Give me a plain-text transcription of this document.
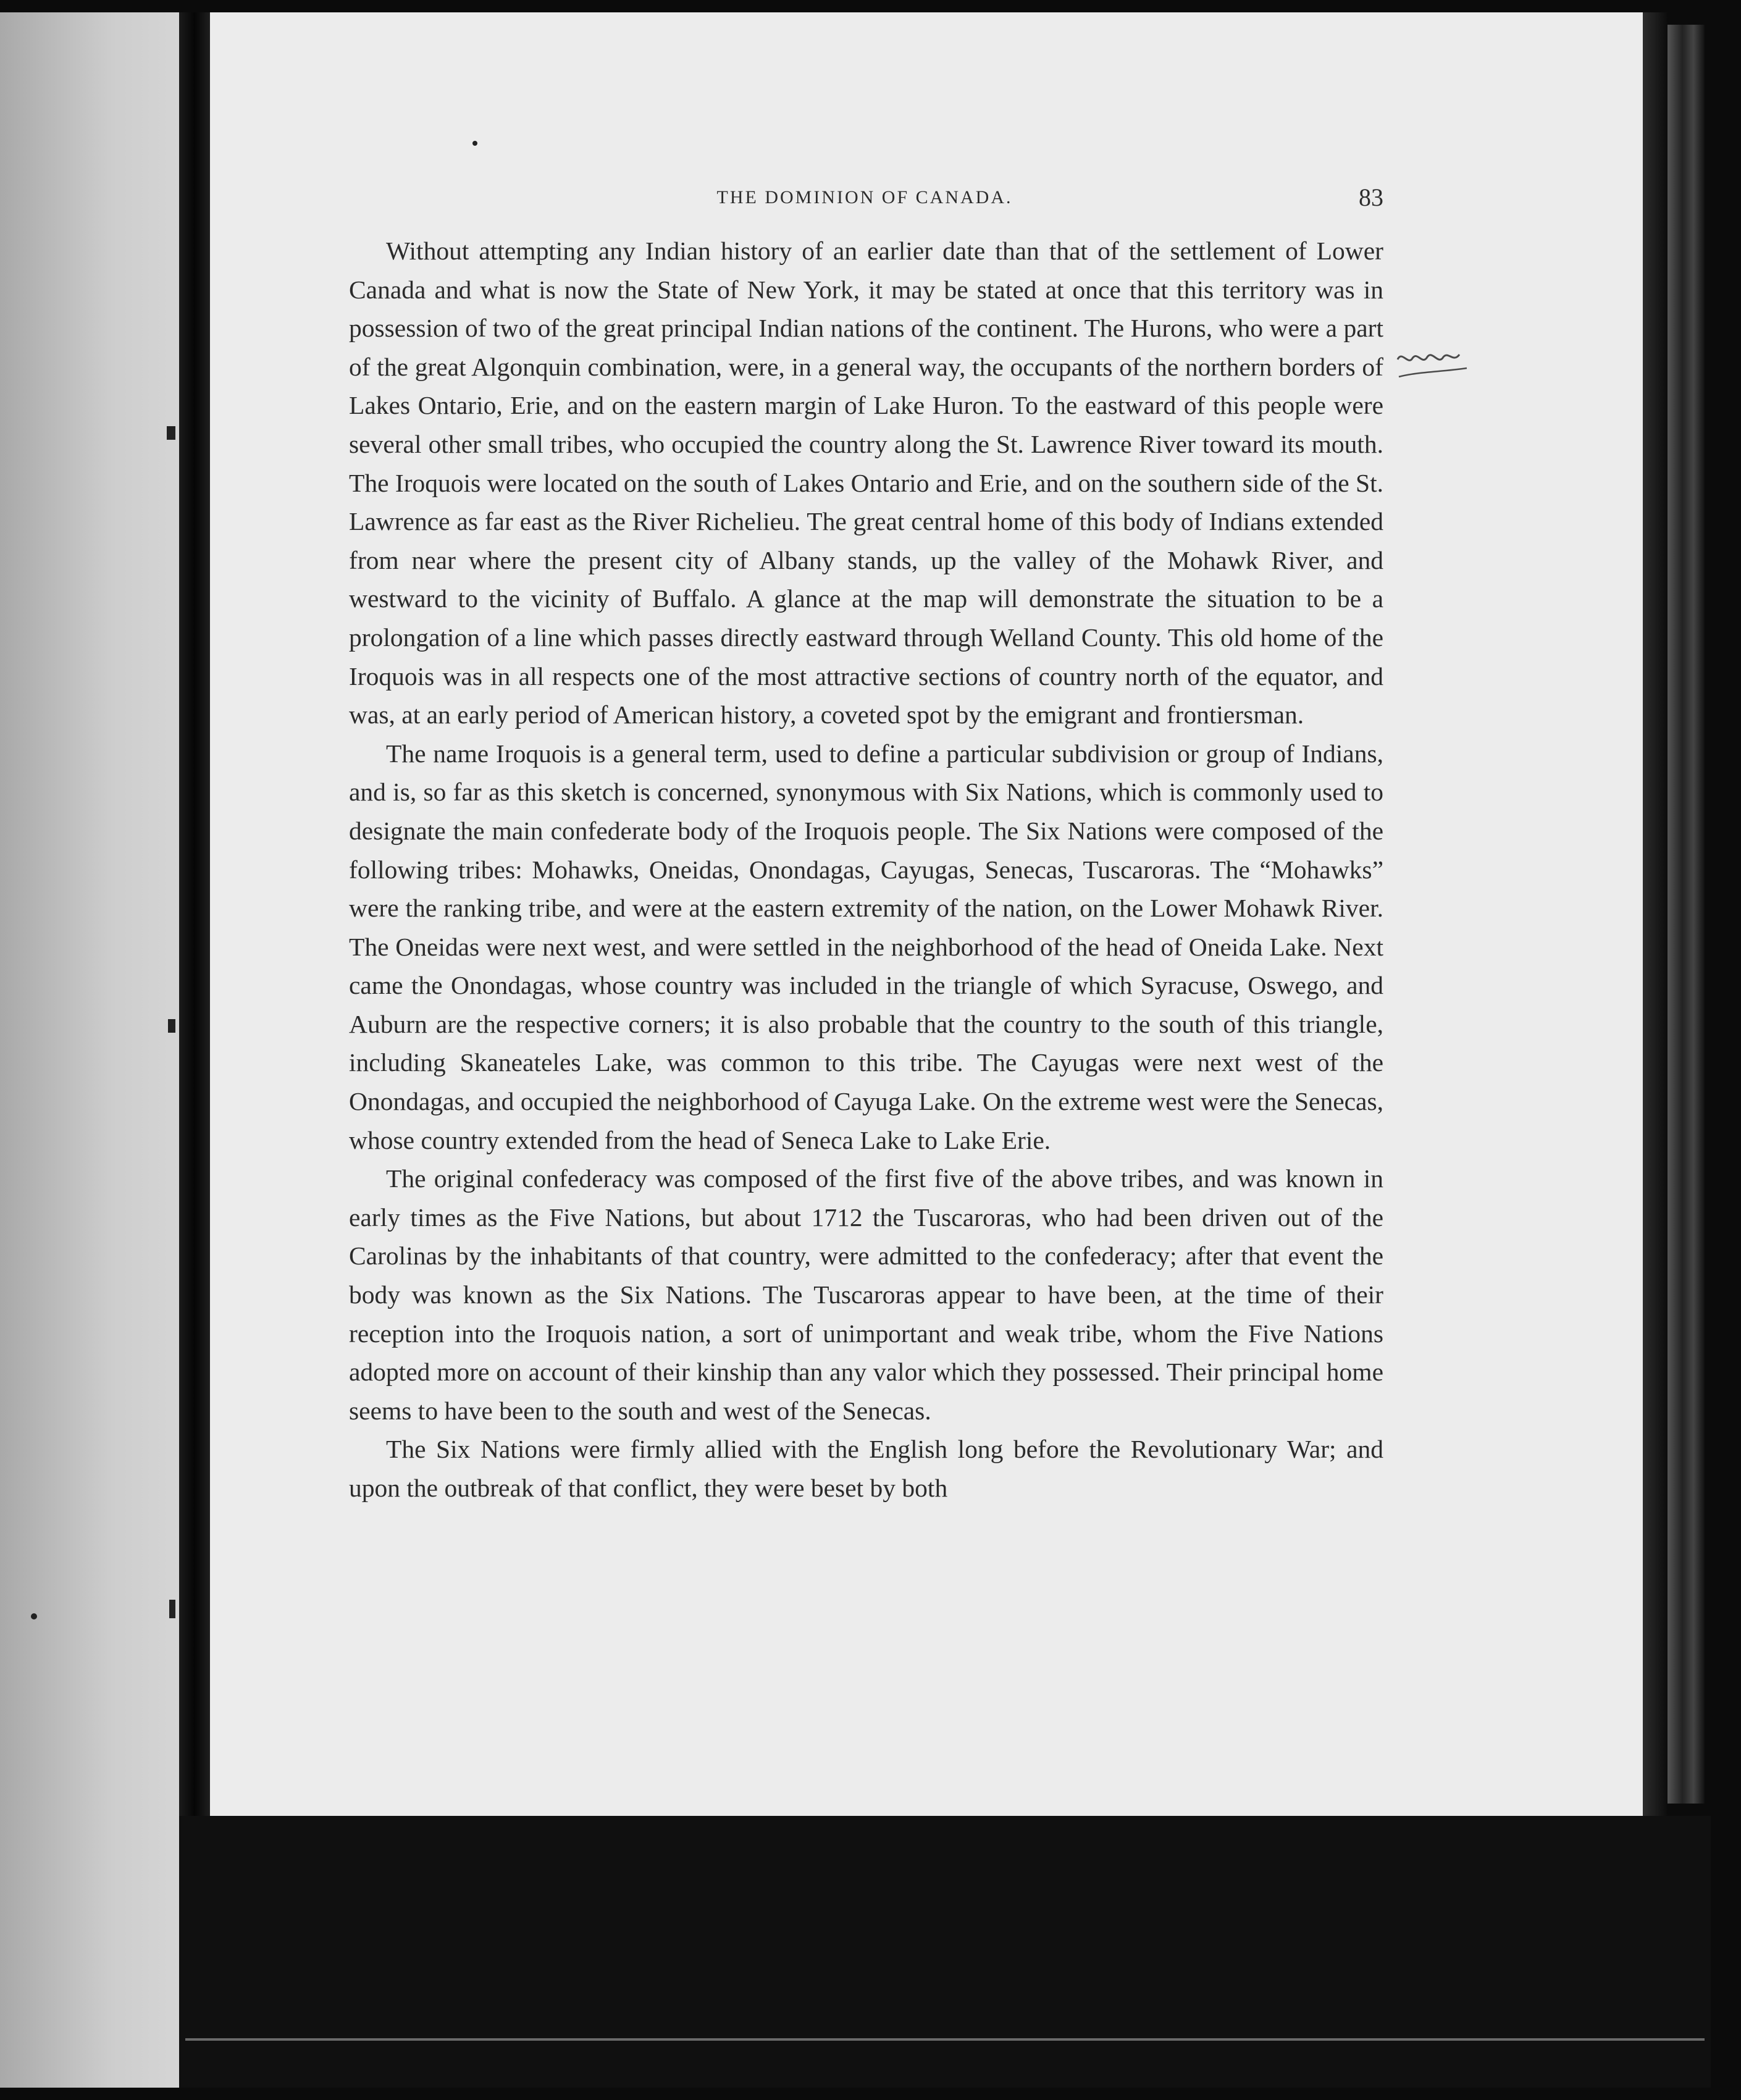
THE DOMINION OF CANADA.	83

Without attempting any Indian history of an earlier date than that of the settlement of Lower Canada and what is now the State of New York, it may be stated at once that this territory was in possession of two of the great principal Indian nations of the continent. The Hurons, who were a part of the great Algonquin combination, were, in a general way, the occupants of the northern borders of Lakes Ontario, Erie, and on the eastern margin of Lake Huron. To the eastward of this people were several other small tribes, who occupied the country along the St. Lawrence River toward its mouth. The Iroquois were located on the south of Lakes Ontario and Erie, and on the southern side of the St. Lawrence as far east as the River Richelieu. The great central home of this body of Indians extended from near where the present city of Albany stands, up the valley of the Mohawk River, and westward to the vicinity of Buffalo. A glance at the map will demonstrate the situation to be a prolongation of a line which passes directly eastward through Welland County. This old home of the Iroquois was in all respects one of the most attractive sections of country north of the equator, and was, at an early period of American history, a coveted spot by the emigrant and frontiersman.

The name Iroquois is a general term, used to define a particular subdivision or group of Indians, and is, so far as this sketch is concerned, synonymous with Six Nations, which is commonly used to designate the main confederate body of the Iroquois people. The Six Nations were composed of the following tribes: Mohawks, Oneidas, Onondagas, Cayugas, Senecas, Tuscaroras. The “Mohawks” were the ranking tribe, and were at the eastern extremity of the nation, on the Lower Mohawk River. The Oneidas were next west, and were settled in the neighborhood of the head of Oneida Lake. Next came the Onondagas, whose country was included in the triangle of which Syracuse, Oswego, and Auburn are the respective corners; it is also probable that the country to the south of this triangle, including Skaneateles Lake, was common to this tribe. The Cayugas were next west of the Onondagas, and occupied the neighborhood of Cayuga Lake. On the extreme west were the Senecas, whose country extended from the head of Seneca Lake to Lake Erie.

The original confederacy was composed of the first five of the above tribes, and was known in early times as the Five Nations, but about 1712 the Tuscaroras, who had been driven out of the Carolinas by the inhabitants of that country, were admitted to the confederacy; after that event the body was known as the Six Nations. The Tuscaroras appear to have been, at the time of their reception into the Iroquois nation, a sort of unimportant and weak tribe, whom the Five Nations adopted more on account of their kinship than any valor which they possessed. Their principal home seems to have been to the south and west of the Senecas.

The Six Nations were firmly allied with the English long before the Revolutionary War; and upon the outbreak of that conflict, they were beset by both
